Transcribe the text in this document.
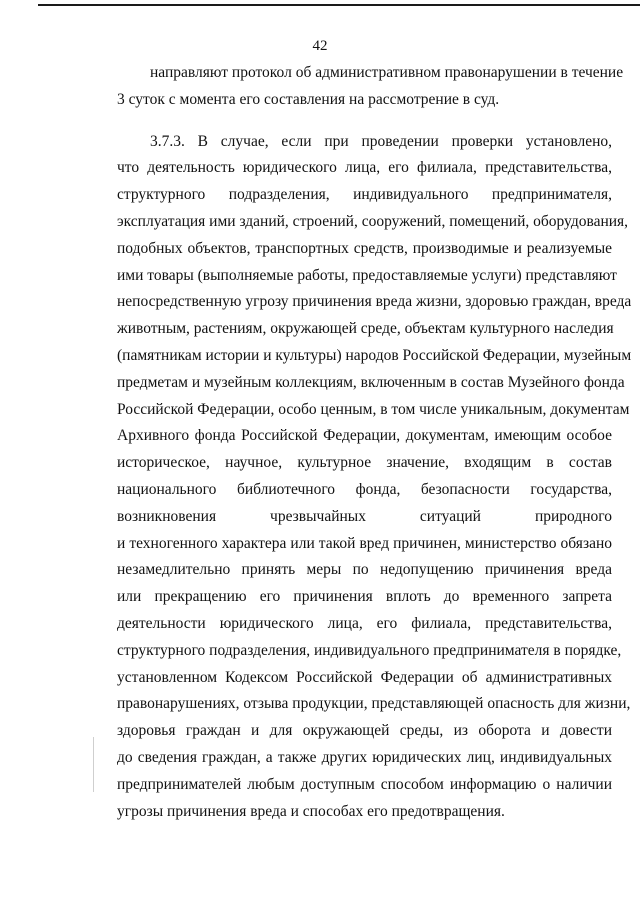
42
направляют протокол об административном правонарушении в течение
3 суток с момента его составления на рассмотрение в суд.
3.7.3. В случае, если при проведении проверки установлено,
что деятельность юридического лица, его филиала, представительства,
структурного подразделения, индивидуального предпринимателя,
эксплуатация ими зданий, строений, сооружений, помещений, оборудования,
подобных объектов, транспортных средств, производимые и реализуемые
ими товары (выполняемые работы, предоставляемые услуги) представляют
непосредственную угрозу причинения вреда жизни, здоровью граждан, вреда
животным, растениям, окружающей среде, объектам культурного наследия
(памятникам истории и культуры) народов Российской Федерации, музейным
предметам и музейным коллекциям, включенным в состав Музейного фонда
Российской Федерации, особо ценным, в том числе уникальным, документам
Архивного фонда Российской Федерации, документам, имеющим особое
историческое, научное, культурное значение, входящим в состав
национального библиотечного фонда, безопасности государства,
возникновения чрезвычайных ситуаций природного
и техногенного характера или такой вред причинен, министерство обязано
незамедлительно принять меры по недопущению причинения вреда
или прекращению его причинения вплоть до временного запрета
деятельности юридического лица, его филиала, представительства,
структурного подразделения, индивидуального предпринимателя в порядке,
установленном Кодексом Российской Федерации об административных
правонарушениях, отзыва продукции, представляющей опасность для жизни,
здоровья граждан и для окружающей среды, из оборота и довести
до сведения граждан, а также других юридических лиц, индивидуальных
предпринимателей любым доступным способом информацию о наличии
угрозы причинения вреда и способах его предотвращения.
